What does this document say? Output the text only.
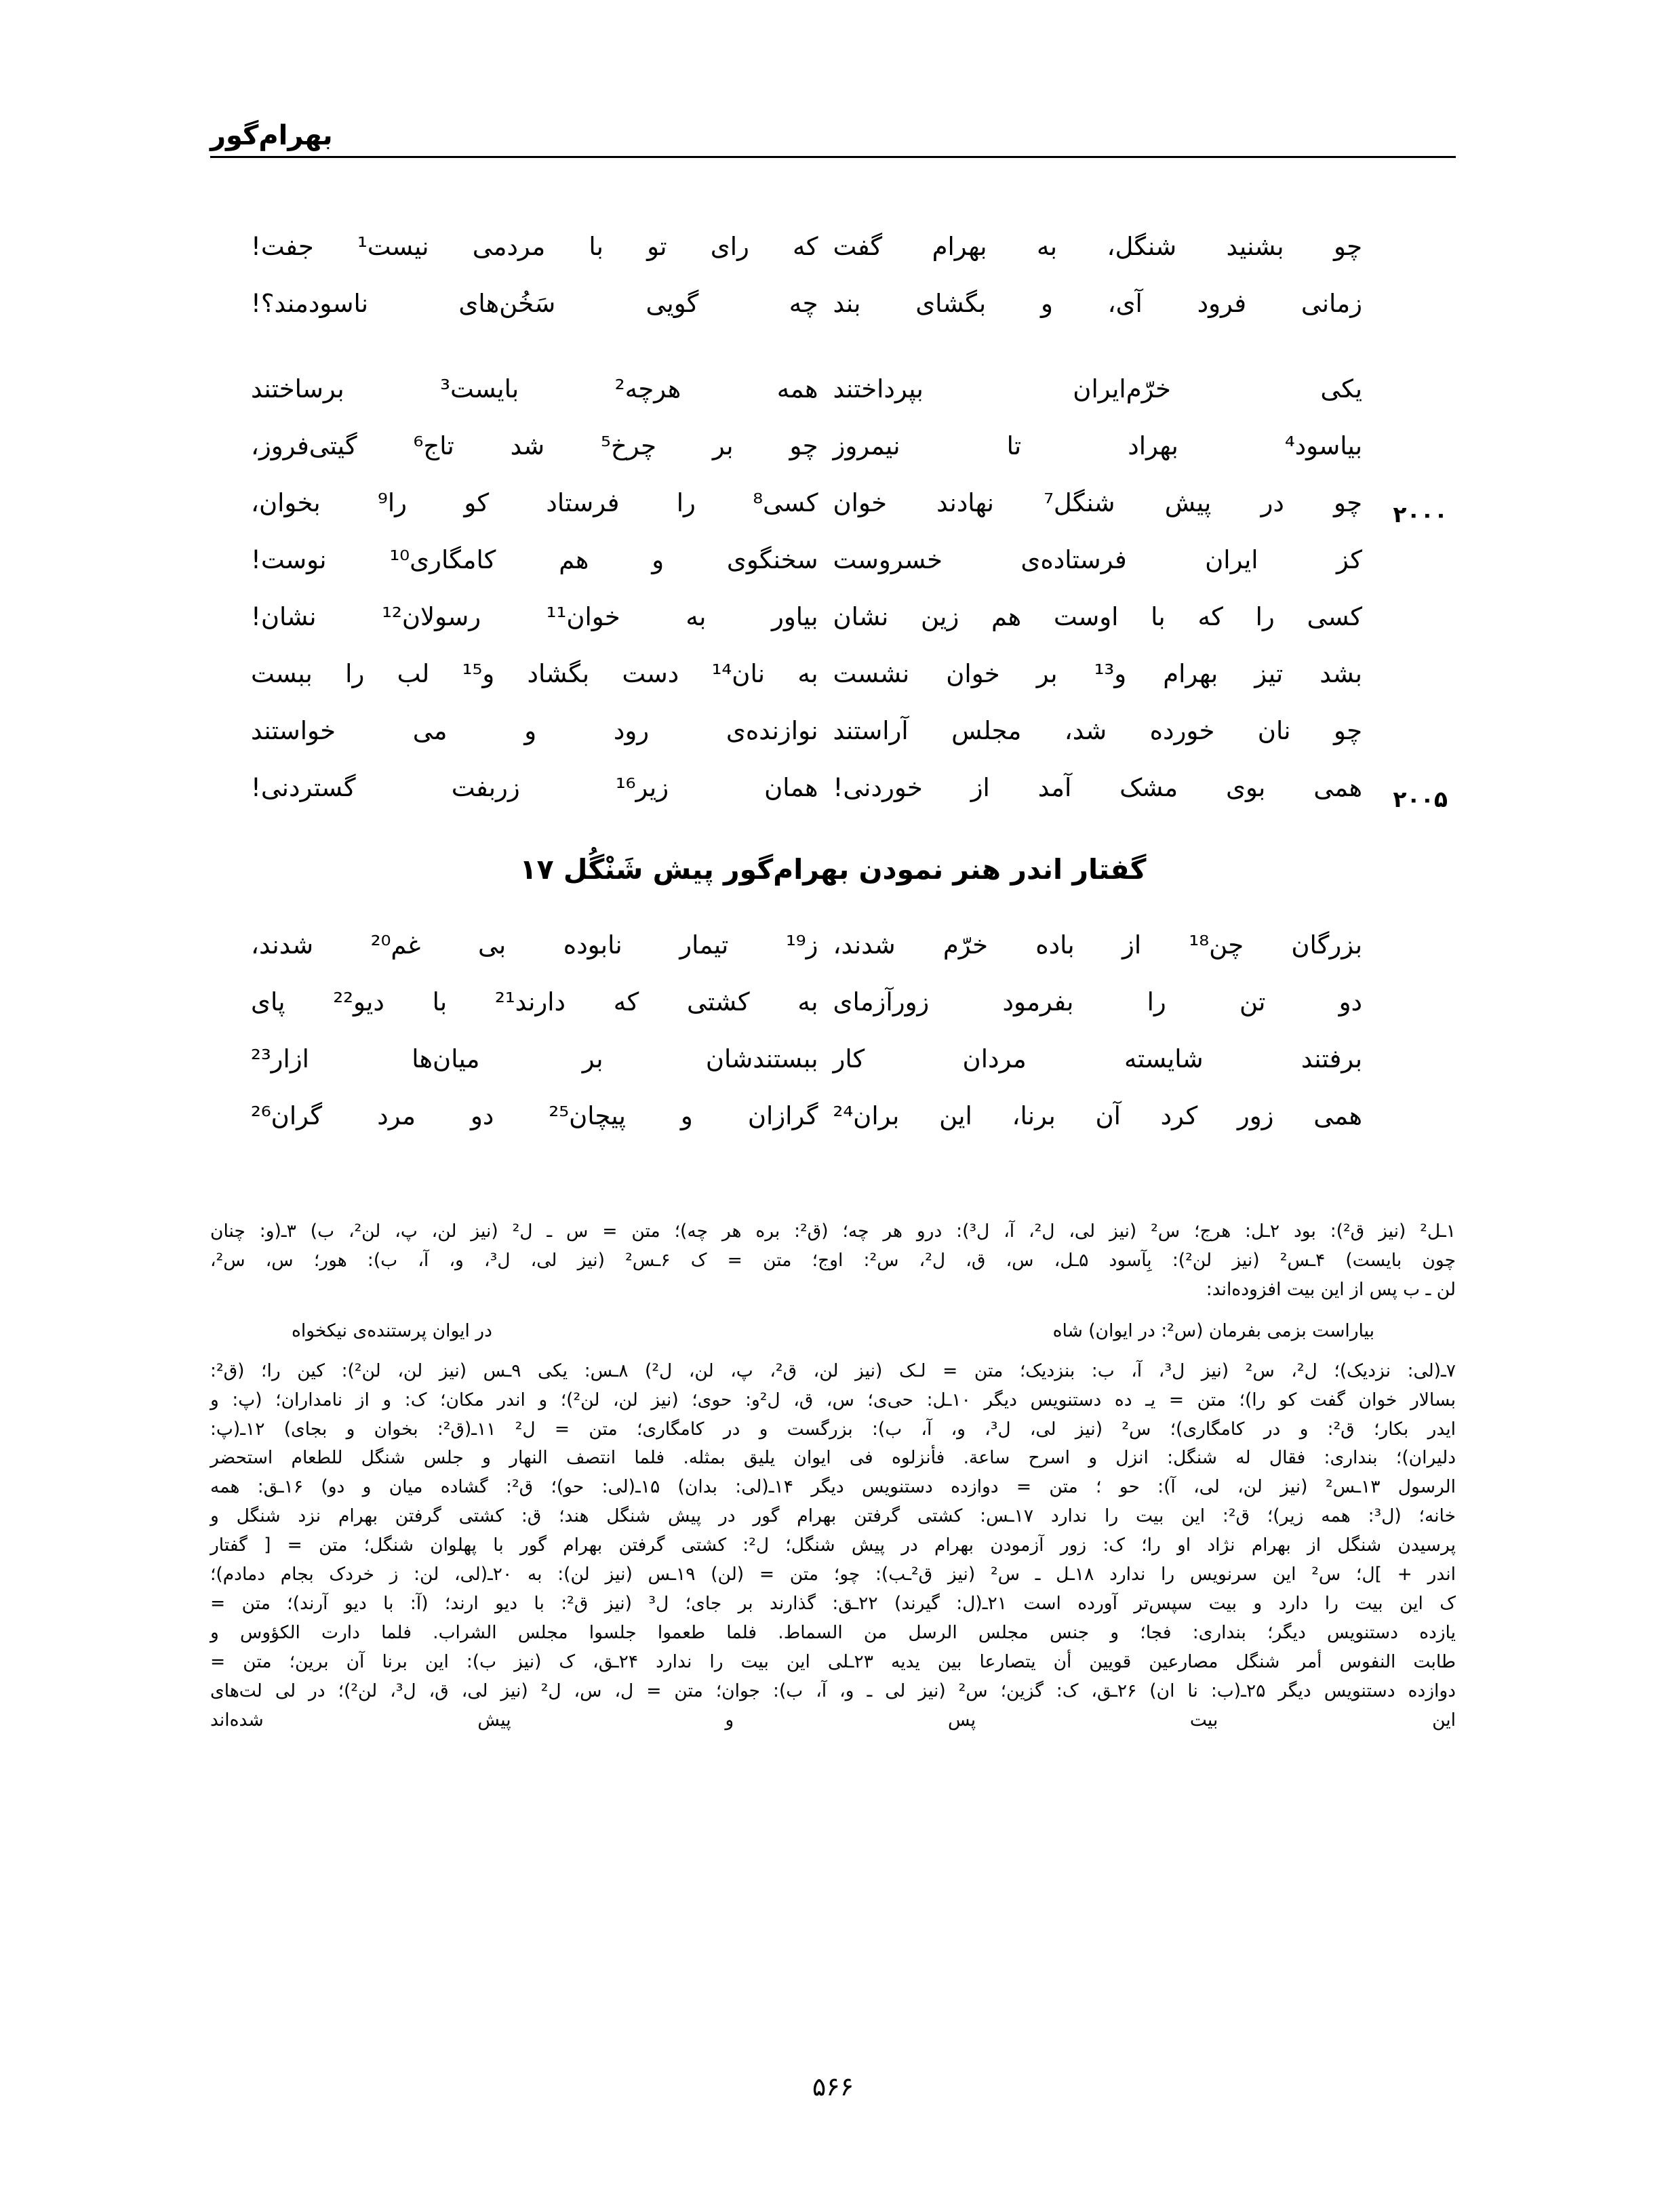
بهرام‌گور
چو بشنید شنگل، به بهرام گفت
که رای تو با مردمی نیست¹ جفت!
زمانی فرود آی، و بگشای بند
چه گویی سَخُن‌های ناسودمند؟!
یکی خرّم‌ایران بپرداختند
همه هرچه² بایست³ برساختند
بیاسود⁴ بهراد تا نیمروز
چو بر چرخ⁵ شد تاج⁶ گیتی‌فروز،
۲۰۰۰
چو در پیش شنگل⁷ نهادند خوان
کسی⁸ را فرستاد کو را⁹ بخوان،
کز ایران فرستاده‌ی خسروست
سخنگوی و هم کامگاری¹⁰ نوست!
کسی را که با اوست هم زین نشان
بیاور به خوان¹¹ رسولان¹² نشان!
بشد تیز بهرام و¹³ بر خوان نشست
به نان¹⁴ دست بگشاد و¹⁵ لب را ببست
چو نان خورده شد، مجلس آراستند
نوازنده‌ی رود و می خواستند
۲۰۰۵
همی بوی مشک آمد از خوردنی!
همان زیر¹⁶ زربفت گستردنی!
گفتار اندر هنر نمودن بهرام‌گور پیش شَنْگُل ۱۷
بزرگان چن¹⁸ از باده خرّم شدند،
ز¹⁹ تیمار نابوده بی غم²⁰ شدند،
دو تن را بفرمود زورآزمای
به کشتی که دارند²¹ با دیو²² پای
برفتند شایسته مردان کار
ببستندشان بر میان‌ها ازار²³
همی زور کرد آن برنا، این بران²⁴
گرازان و پیچان²⁵ دو مرد گران²⁶
۱ـل² (نیز ق²): بود ۲ـل: هرج؛ س² (نیز لی، ل²، آ، ل³): درو هر چه؛ (ق²: بره هر چه)؛ متن = س ـ ل² (نیز لن، پ، لن²، ب) ۳ـ(و: چنان
چون بایست) ۴ـس² (نیز لن²): بِآسود ۵ـل، س، ق، ل²، س²: اوج؛ متن = ک ۶ـس² (نیز لی، ل³، و، آ، ب): هور؛ س، س²،
لن ـ ب پس از این بیت افزوده‌اند:
بیاراست بزمی بفرمان (س²: در ایوان) شاه
در ایوان پرستنده‌ی نیکخواه
۷ـ(لی: نزدیک)؛ ل²، س² (نیز ل³، آ، ب: بنزدیک؛ متن = لـک (نیز لن، ق²، پ، لن، ل²) ۸ـس: یکی ۹ـس (نیز لن، لن²): کین را؛ (ق²:
بسالار خوان گفت کو را)؛ متن = یـ ده دستنویس دیگر ۱۰ـل: حی‌ی؛ س، ق، ل²و: حوی؛ (نیز لن، لن²)؛ و اندر مکان؛ ک: و از نامداران؛ (پ: و
ایدر بکار؛ ق²: و در کامگاری)؛ س² (نیز لی، ل³، و، آ، ب): بزرگست و در کامگاری؛ متن = ل² ۱۱ـ(ق²: بخوان و بجای) ۱۲ـ(پ:
دلیران)؛ بنداری: فقال له شنگل: انزل و اسرح ساعة. فأنزلوه فی ایوان یلیق بمثله. فلما انتصف النهار و جلس شنگل للطعام استحضر
الرسول ۱۳ـس² (نیز لن، لی، آ): حو ؛ متن = دوازده دستنویس دیگر ۱۴ـ(لی: بدان) ۱۵ـ(لی: حو)؛ ق²: گشاده میان و دو) ۱۶ـق: همه
خانه؛ (ل³: همه زیر)؛ ق²: این بیت را ندارد ۱۷ـس: کشتی گرفتن بهرام گور در پیش شنگل هند؛ ق: کشتی گرفتن بهرام نزد شنگل و
پرسیدن شنگل از بهرام نژاد او را؛ ک: زور آزمودن بهرام در پیش شنگل؛ ل²: کشتی گرفتن بهرام گور با پهلوان شنگل؛ متن = [ گفتار
اندر + ]ل؛ س² این سرنویس را ندارد ۱۸ـل ـ س² (نیز ق²ـب): چو؛ متن = (لن) ۱۹ـس (نیز لن): به ۲۰ـ(لی، لن: ز خردک بجام دمادم)؛
ک این بیت را دارد و بیت سپس‌تر آورده است ۲۱ـ(ل: گیرند) ۲۲ـق: گذارند بر جای؛ ل³ (نیز ق²: با دیو ارند؛ (آ: با دیو آرند)؛ متن =
یازده دستنویس دیگر؛ بنداری: فجا؛ و جنس مجلس الرسل من السماط. فلما طعموا جلسوا مجلس الشراب. فلما دارت الکؤوس و
طابت النفوس أمر شنگل مصارعین قویین أن یتصارعا بین یدیه ۲۳ـلی این بیت را ندارد ۲۴ـق، ک (نیز ب): این برنا آن برین؛ متن =
دوازده دستنویس دیگر ۲۵ـ(ب: نا ان) ۲۶ـق، ک: گزین؛ س² (نیز لی ـ و، آ، ب): جوان؛ متن = ل، س، ل² (نیز لی، ق، ل³، لن²)؛ در لی لت‌های
این بیت پس و پیش شده‌اند
۵۶۶
